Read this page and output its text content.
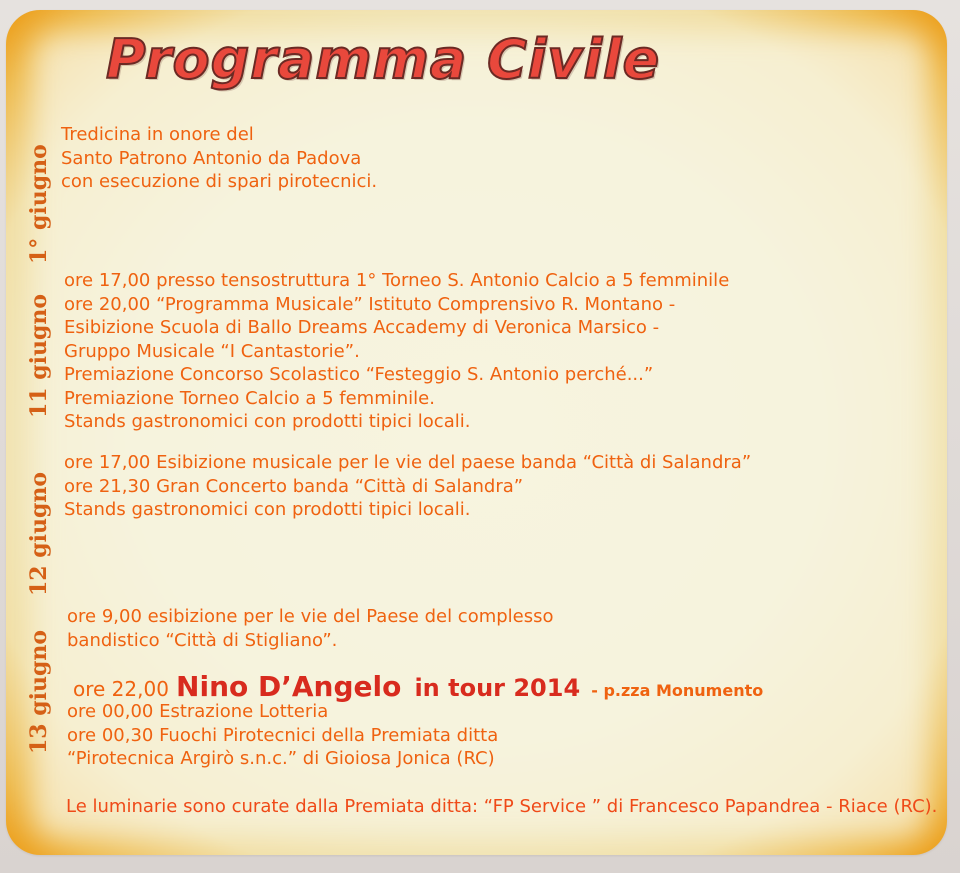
Programma Civile
1° giugno
11 giugno
12 giugno
13 giugno
Tredicina in onore del
Santo Patrono Antonio da Padova
con esecuzione di spari pirotecnici.
ore 17,00 presso tensostruttura 1° Torneo S. Antonio Calcio a 5 femminile
ore 20,00 “Programma Musicale” Istituto Comprensivo R. Montano -
Esibizione Scuola di Ballo Dreams Accademy di Veronica Marsico -
Gruppo Musicale “I Cantastorie”.
Premiazione Concorso Scolastico “Festeggio S. Antonio perché...”
Premiazione Torneo Calcio a 5 femminile.
Stands gastronomici con prodotti tipici locali.
ore 17,00 Esibizione musicale per le vie del paese banda “Città di Salandra”
ore 21,30 Gran Concerto banda “Città di Salandra”
Stands gastronomici con prodotti tipici locali.
ore 9,00 esibizione per le vie del Paese del complesso
bandistico “Città di Stigliano”.
ore 22,00 Nino D’Angelo in tour 2014 - p.zza Monumento
ore 00,00 Estrazione Lotteria
ore 00,30 Fuochi Pirotecnici della Premiata ditta
“Pirotecnica Argirò s.n.c.” di Gioiosa Jonica (RC)
Le luminarie sono curate dalla Premiata ditta: “FP Service ” di Francesco Papandrea - Riace (RC).
